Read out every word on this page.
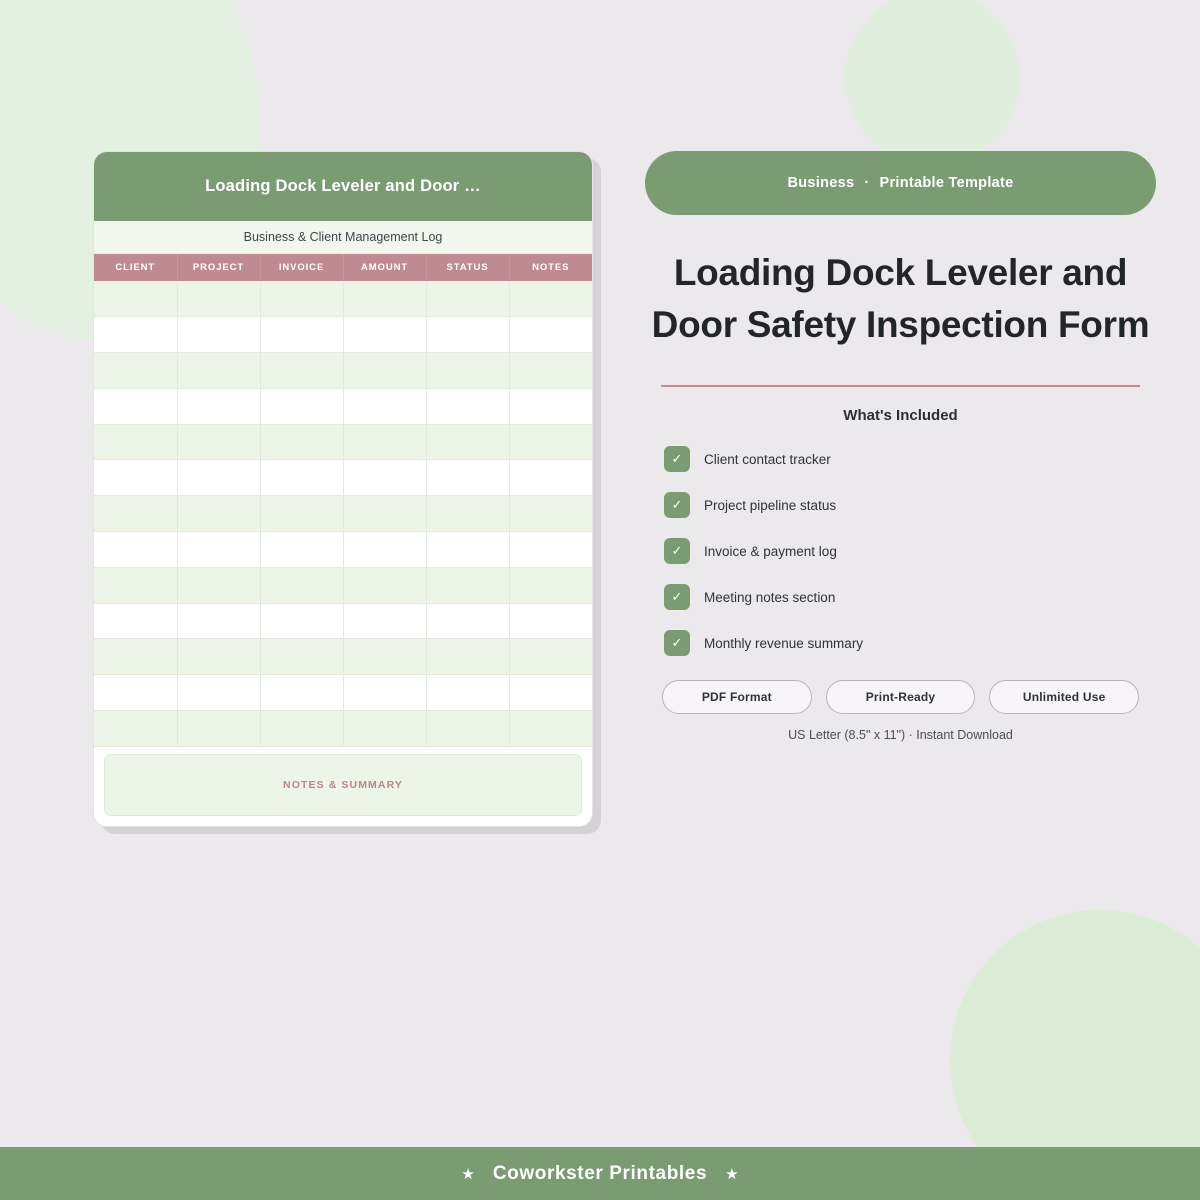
Loading Dock Leveler and Door …
Business & Client Management Log
CLIENT	PROJECT	INVOICE	AMOUNT	STATUS	NOTES

NOTES & SUMMARY
Business · Printable Template
Loading Dock Leveler and Door Safety Inspection Form
What's Included
✓	Client contact tracker
✓	Project pipeline status
✓	Invoice & payment log
✓	Meeting notes section
✓	Monthly revenue summary
PDF Format	Print-Ready	Unlimited Use
US Letter (8.5" x 11") · Instant Download
★ Coworkster Printables ★
